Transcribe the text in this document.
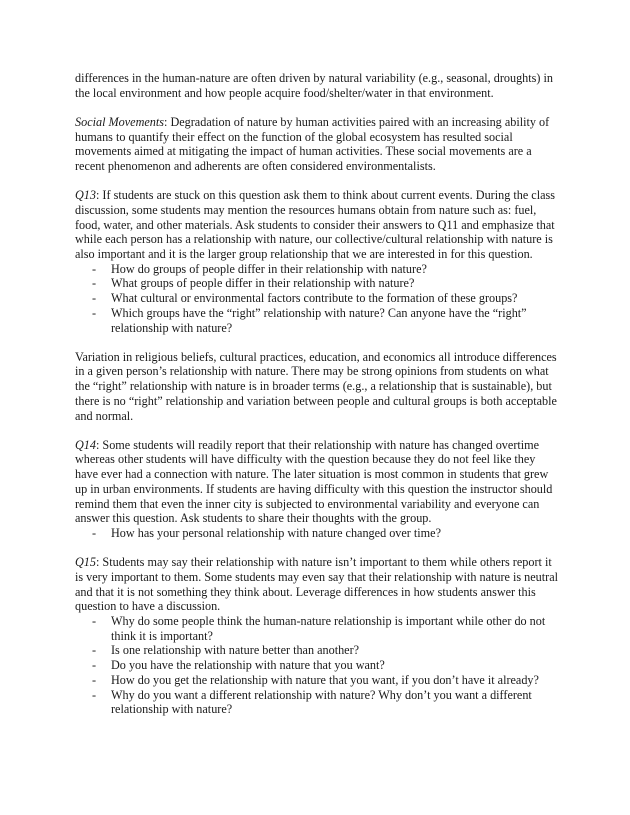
differences in the human-nature are often driven by natural variability (e.g., seasonal, droughts) in the local environment and how people acquire food/shelter/water in that environment.

Social Movements: Degradation of nature by human activities paired with an increasing ability of humans to quantify their effect on the function of the global ecosystem has resulted social movements aimed at mitigating the impact of human activities. These social movements are a recent phenomenon and adherents are often considered environmentalists.

Q13: If students are stuck on this question ask them to think about current events. During the class discussion, some students may mention the resources humans obtain from nature such as: fuel, food, water, and other materials. Ask students to consider their answers to Q11 and emphasize that while each person has a relationship with nature, our collective/cultural relationship with nature is also important and it is the larger group relationship that we are interested in for this question.

- How do groups of people differ in their relationship with nature?
- What groups of people differ in their relationship with nature?
- What cultural or environmental factors contribute to the formation of these groups?
- Which groups have the “right” relationship with nature? Can anyone have the “right” relationship with nature?

Variation in religious beliefs, cultural practices, education, and economics all introduce differences in a given person’s relationship with nature. There may be strong opinions from students on what the “right” relationship with nature is in broader terms (e.g., a relationship that is sustainable), but there is no “right” relationship and variation between people and cultural groups is both acceptable and normal.

Q14: Some students will readily report that their relationship with nature has changed overtime whereas other students will have difficulty with the question because they do not feel like they have ever had a connection with nature. The later situation is most common in students that grew up in urban environments. If students are having difficulty with this question the instructor should remind them that even the inner city is subjected to environmental variability and everyone can answer this question. Ask students to share their thoughts with the group.

- How has your personal relationship with nature changed over time?

Q15: Students may say their relationship with nature isn’t important to them while others report it is very important to them. Some students may even say that their relationship with nature is neutral and that it is not something they think about. Leverage differences in how students answer this question to have a discussion.

- Why do some people think the human-nature relationship is important while other do not think it is important?
- Is one relationship with nature better than another?
- Do you have the relationship with nature that you want?
- How do you get the relationship with nature that you want, if you don’t have it already?
- Why do you want a different relationship with nature? Why don’t you want a different relationship with nature?
